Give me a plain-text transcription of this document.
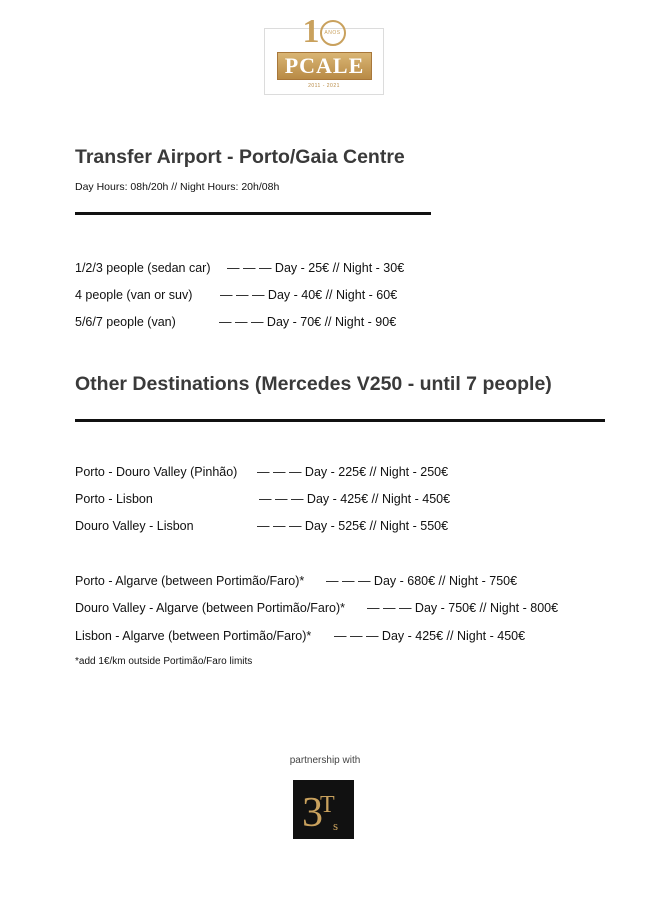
1 ANOS
PCALE
2011 - 2021
Transfer Airport - Porto/Gaia Centre
Day Hours: 08h/20h // Night Hours: 20h/08h
1/2/3 people (sedan car) — — — Day - 25€ // Night - 30€
4 people (van or suv) — — — Day - 40€ // Night - 60€
5/6/7 people (van)	— — — Day - 70€ // Night - 90€
Other Destinations (Mercedes V250 - until 7 people)
Porto - Douro Valley (Pinhão) — — — Day - 225€ // Night - 250€
Porto - Lisbon	— — — Day - 425€ // Night - 450€
Douro Valley - Lisbon	— — — Day - 525€ // Night - 550€
Porto - Algarve (between Portimão/Faro)* — — — Day - 680€ // Night - 750€
Douro Valley - Algarve (between Portimão/Faro)* — — — Day - 750€ // Night - 800€
Lisbon - Algarve (between Portimão/Faro)* — — — Day - 425€ // Night - 450€
*add 1€/km outside Portimão/Faro limits
partnership with
3
T
s
